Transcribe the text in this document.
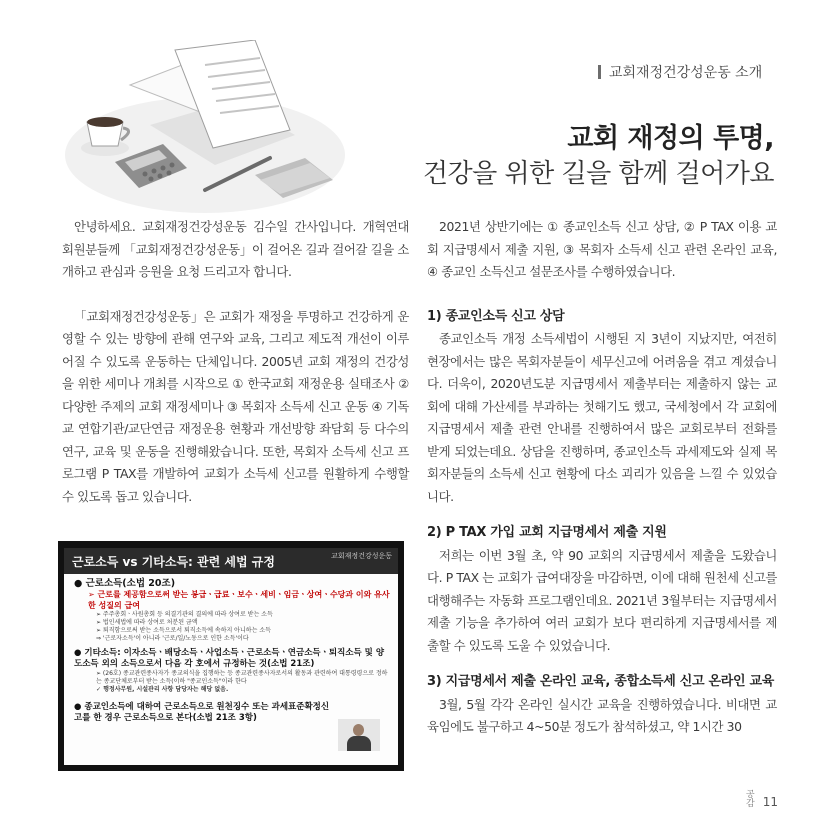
교회재정건강성운동 소개
교회 재정의 투명,
건강을 위한 길을 함께 걸어가요

안녕하세요. 교회재정건강성운동 김수일 간사입니다. 개혁연대 회원분들께 「교회재정건강성운동」이 걸어온 길과 걸어갈 길을 소개하고 관심과 응원을 요청 드리고자 합니다.

「교회재정건강성운동」은 교회가 재정을 투명하고 건강하게 운영할 수 있는 방향에 관해 연구와 교육, 그리고 제도적 개선이 이루어질 수 있도록 운동하는 단체입니다. 2005년 교회 재정의 건강성을 위한 세미나 개최를 시작으로 ① 한국교회 재정운용 실태조사 ② 다양한 주제의 교회 재정세미나 ③ 목회자 소득세 신고 운동 ④ 기독교 연합기관/교단연금 재정운용 현황과 개선방향 좌담회 등 다수의 연구, 교육 및 운동을 진행해왔습니다. 또한, 목회자 소득세 신고 프로그램 P TAX를 개발하여 교회가 소득세 신고를 원활하게 수행할 수 있도록 돕고 있습니다.

근로소득 vs 기타소득: 관련 세법 규정	교회재정건강성운동
● 근로소득(소법 20조)
➢ 근로를 제공함으로써 받는 봉급ㆍ급료ㆍ보수ㆍ세비ㆍ임금ㆍ상여ㆍ수당과 이와 유사한 성질의 급여
➢ 주주총회ㆍ사원총회 등 의결기관의 결의에 따라 상여로 받는 소득
➢ 법인세법에 따라 상여로 처분된 금액
➢ 퇴직함으로써 받는 소득으로서 퇴직소득에 속하지 아니하는 소득
⇒ '근로자소득'이 아니라 '근로/일/노동으로 인한 소득'이다
● 기타소득: 이자소득ㆍ배당소득ㆍ사업소득ㆍ근로소득ㆍ연금소득ㆍ퇴직소득 및 양도소득 외의 소득으로서 다음 각 호에서 규정하는 것(소법 21조)
➢ (26호) 종교관련종사자가 종교의식을 집행하는 등 종교관련종사자로서의 활동과 관련하여 대통령령으로 정하는 종교단체로부터 받는 소득(이하 "종교인소득"이라 한다
✓ 행정사무원, 시설관리 사항 담당자는 해당 없음.
● 종교인소득에 대하여 근로소득으로 원천징수 또는 과세표준확정신고를 한 경우 근로소득으로 본다(소법 21조 3항)

2021년 상반기에는 ① 종교인소득 신고 상담, ② P TAX 이용 교회 지급명세서 제출 지원, ③ 목회자 소득세 신고 관련 온라인 교육, ④ 종교인 소득신고 설문조사를 수행하였습니다.

1) 종교인소득 신고 상담

종교인소득 개정 소득세법이 시행된 지 3년이 지났지만, 여전히 현장에서는 많은 목회자분들이 세무신고에 어려움을 겪고 계셨습니다. 더욱이, 2020년도분 지급명세서 제출부터는 제출하지 않는 교회에 대해 가산세를 부과하는 첫해기도 했고, 국세청에서 각 교회에 지급명세서 제출 관련 안내를 진행하여서 많은 교회로부터 전화를 받게 되었는데요. 상담을 진행하며, 종교인소득 과세제도와 실제 목회자분들의 소득세 신고 현황에 다소 괴리가 있음을 느낄 수 있었습니다.

2) P TAX 가입 교회 지급명세서 제출 지원

저희는 이번 3월 초, 약 90 교회의 지급명세서 제출을 도왔습니다. P TAX 는 교회가 급여대장을 마감하면, 이에 대해 원천세 신고를 대행해주는 자동화 프로그램인데요. 2021년 3월부터는 지급명세서 제출 기능을 추가하여 여러 교회가 보다 편리하게 지급명세서를 제출할 수 있도록 도울 수 있었습니다.

3) 지급명세서 제출 온라인 교육, 종합소득세 신고 온라인 교육

3월, 5월 각각 온라인 실시간 교육을 진행하였습니다. 비대면 교육임에도 불구하고 4~50분 정도가 참석하셨고, 약 1시간 30

공
감 11
